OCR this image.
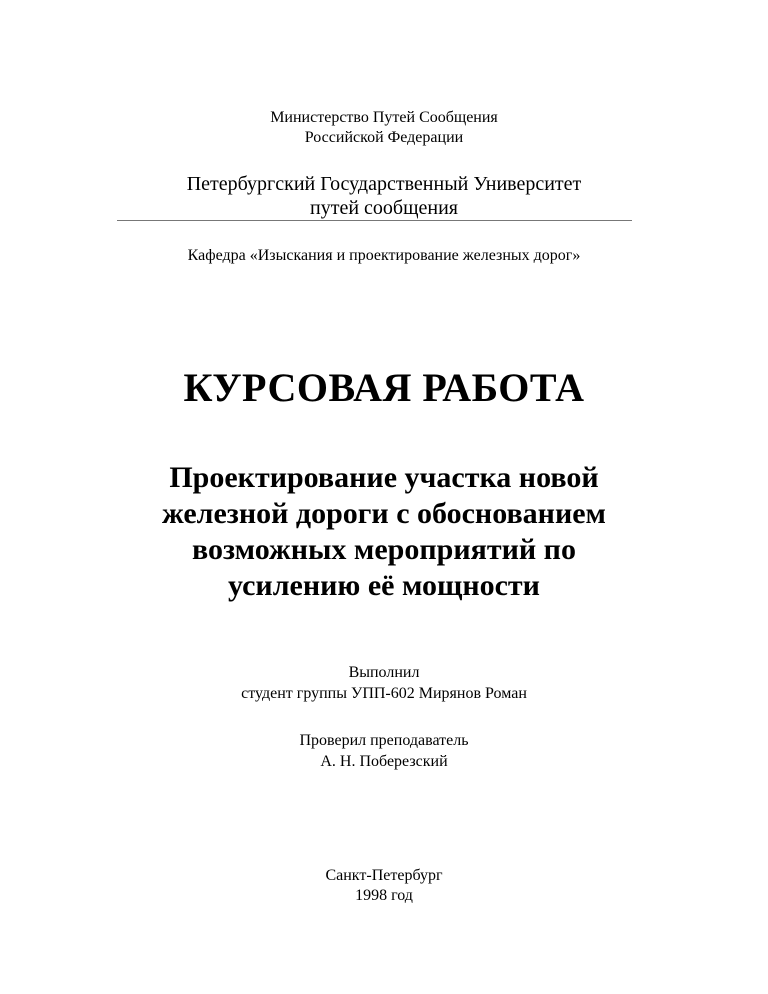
Министерство Путей Сообщения
Российской Федерации
Петербургский Государственный Университет
путей сообщения
Кафедра «Изыскания и проектирование железных дорог»
КУРСОВАЯ РАБОТА
Проектирование участка новой
железной дороги с обоснованием
возможных мероприятий по
усилению её мощности
Выполнил
студент группы УПП-602 Мирянов Роман
Проверил преподаватель
А. Н. Поберезский
Санкт-Петербург
1998 год
